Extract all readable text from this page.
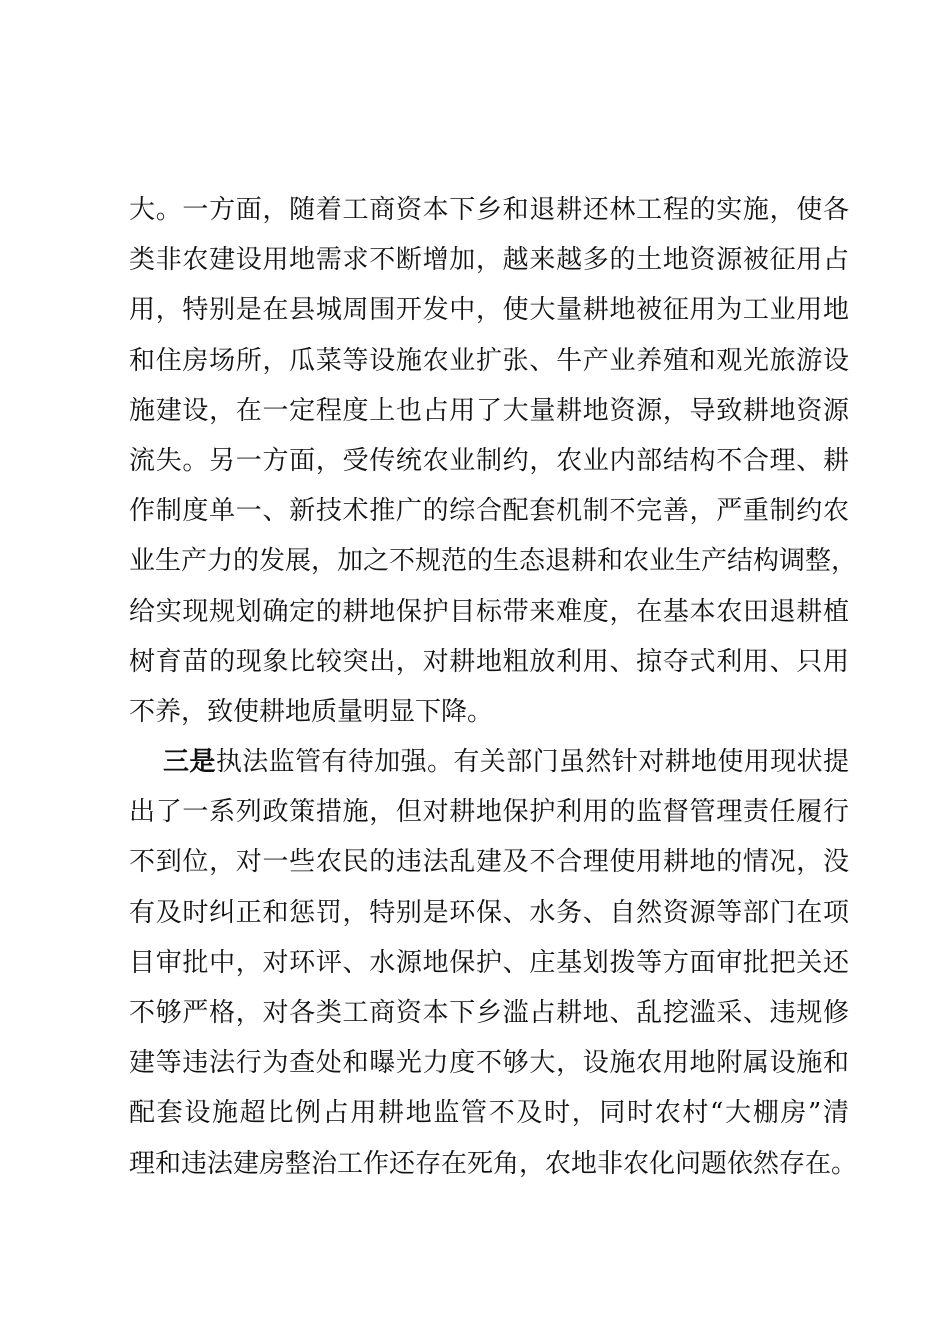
大。一方面，随着工商资本下乡和退耕还林工程的实施，使各
类非农建设用地需求不断增加，越来越多的土地资源被征用占
用，特别是在县城周围开发中，使大量耕地被征用为工业用地
和住房场所，瓜菜等设施农业扩张、牛产业养殖和观光旅游设
施建设，在一定程度上也占用了大量耕地资源，导致耕地资源
流失。另一方面，受传统农业制约，农业内部结构不合理、耕
作制度单一、新技术推广的综合配套机制不完善，严重制约农
业生产力的发展，加之不规范的生态退耕和农业生产结构调整，
给实现规划确定的耕地保护目标带来难度，在基本农田退耕植
树育苗的现象比较突出，对耕地粗放利用、掠夺式利用、只用
不养，致使耕地质量明显下降。
三是执法监管有待加强。有关部门虽然针对耕地使用现状提
出了一系列政策措施，但对耕地保护利用的监督管理责任履行
不到位，对一些农民的违法乱建及不合理使用耕地的情况，没
有及时纠正和惩罚，特别是环保、水务、自然资源等部门在项
目审批中，对环评、水源地保护、庄基划拨等方面审批把关还
不够严格，对各类工商资本下乡滥占耕地、乱挖滥采、违规修
建等违法行为查处和曝光力度不够大，设施农用地附属设施和
配套设施超比例占用耕地监管不及时，同时农村“大棚房”清
理和违法建房整治工作还存在死角，农地非农化问题依然存在。
